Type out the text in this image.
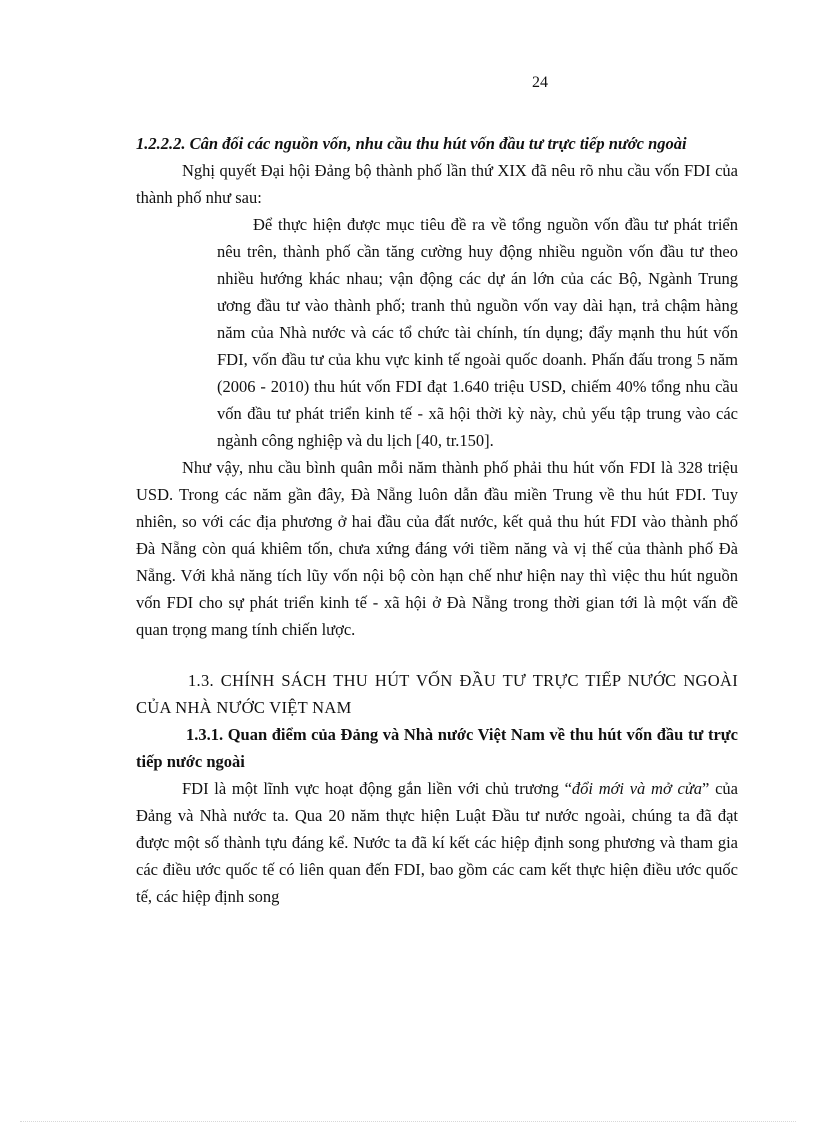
24

1.2.2.2. Cân đối các nguồn vốn, nhu cầu thu hút vốn đầu tư trực tiếp nước ngoài

Nghị quyết Đại hội Đảng bộ thành phố lần thứ XIX đã nêu rõ nhu cầu vốn FDI của thành phố như sau:

Để thực hiện được mục tiêu đề ra về tổng nguồn vốn đầu tư phát triển nêu trên, thành phố cần tăng cường huy động nhiều nguồn vốn đầu tư theo nhiều hướng khác nhau; vận động các dự án lớn của các Bộ, Ngành Trung ương đầu tư vào thành phố; tranh thủ nguồn vốn vay dài hạn, trả chậm hàng năm của Nhà nước và các tổ chức tài chính, tín dụng; đẩy mạnh thu hút vốn FDI, vốn đầu tư của khu vực kinh tế ngoài quốc doanh. Phấn đấu trong 5 năm (2006 - 2010) thu hút vốn FDI đạt 1.640 triệu USD, chiếm 40% tổng nhu cầu vốn đầu tư phát triển kinh tế - xã hội thời kỳ này, chủ yếu tập trung vào các ngành công nghiệp và du lịch [40, tr.150].

Như vậy, nhu cầu bình quân mỗi năm thành phố phải thu hút vốn FDI là 328 triệu USD. Trong các năm gần đây, Đà Nẵng luôn dẫn đầu miền Trung về thu hút FDI. Tuy nhiên, so với các địa phương ở hai đầu của đất nước, kết quả thu hút FDI vào thành phố Đà Nẵng còn quá khiêm tốn, chưa xứng đáng với tiềm năng và vị thế của thành phố Đà Nẵng. Với khả năng tích lũy vốn nội bộ còn hạn chế như hiện nay thì việc thu hút nguồn vốn FDI cho sự phát triển kinh tế - xã hội ở Đà Nẵng trong thời gian tới là một vấn đề quan trọng mang tính chiến lược.

1.3. CHÍNH SÁCH THU HÚT VỐN ĐẦU TƯ TRỰC TIẾP NƯỚC NGOÀI CỦA NHÀ NƯỚC VIỆT NAM

1.3.1. Quan điểm của Đảng và Nhà nước Việt Nam về thu hút vốn đầu tư trực tiếp nước ngoài

FDI là một lĩnh vực hoạt động gắn liền với chủ trương “đổi mới và mở cửa” của Đảng và Nhà nước ta. Qua 20 năm thực hiện Luật Đầu tư nước ngoài, chúng ta đã đạt được một số thành tựu đáng kể. Nước ta đã kí kết các hiệp định song phương và tham gia các điều ước quốc tế có liên quan đến FDI, bao gồm các cam kết thực hiện điều ước quốc tế, các hiệp định song
